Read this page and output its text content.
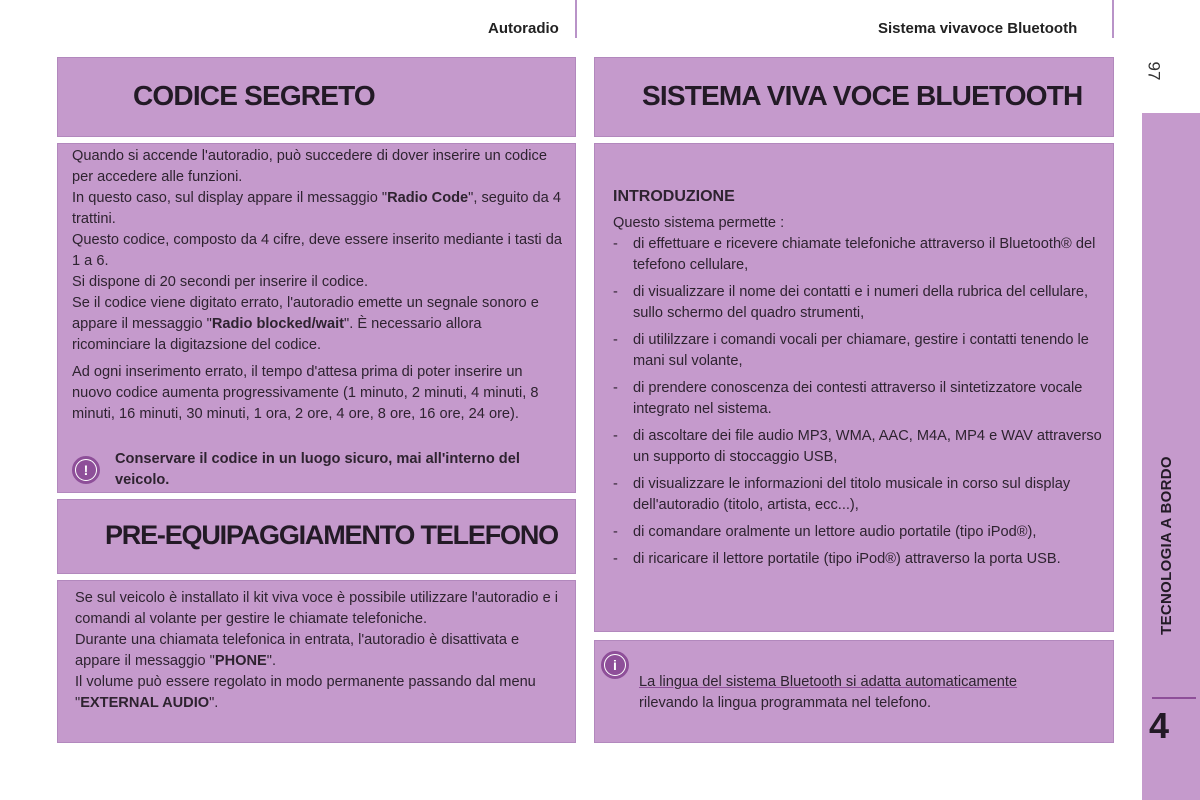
Autoradio	Sistema vivavoce Bluetooth
97
TECNOLOGIA A BORDO
4
CODICE SEGRETO

Quando si accende l'autoradio, può succedere di dover inserire un codice per accedere alle funzioni.

In questo caso, sul display appare il messaggio "Radio Code", seguito da 4 trattini.

Questo codice, composto da 4 cifre, deve essere inserito mediante i tasti da 1 a 6.

Si dispone di 20 secondi per inserire il codice.

Se il codice viene digitato errato, l'autoradio emette un segnale sonoro e appare il messaggio "Radio blocked/wait". È necessario allora ricominciare la digitazsione del codice.

Ad ogni inserimento errato, il tempo d'attesa prima di poter inserire un nuovo codice aumenta progressivamente (1 minuto, 2 minuti, 4 minuti, 8 minuti, 16 minuti, 30 minuti, 1 ora, 2 ore, 4 ore, 8 ore, 16 ore, 24 ore).

!
Conservare il codice in un luogo sicuro, mai all'interno del veicolo.
PRE-EQUIPAGGIAMENTO TELEFONO

Se sul veicolo è installato il kit viva voce è possibile utilizzare l'autoradio e i comandi al volante per gestire le chiamate telefoniche.

Durante una chiamata telefonica in entrata, l'autoradio è disattivata e appare il messaggio "PHONE".

Il volume può essere regolato in modo permanente passando dal menu "EXTERNAL AUDIO".

SISTEMA VIVA VOCE BLUETOOTH

INTRODUZIONE

Questo sistema permette :

- di effettuare e ricevere chiamate telefoniche attraverso il Bluetooth® del tefefono cellulare,
- di visualizzare il nome dei contatti e i numeri della rubrica del cellulare, sullo schermo del quadro strumenti,
- di utililzzare i comandi vocali per chiamare, gestire i contatti tenendo le mani sul volante,
- di prendere conoscenza dei contesti attraverso il sintetizzatore vocale integrato nel sistema.
- di ascoltare dei file audio MP3, WMA, AAC, M4A, MP4 e WAV attraverso un supporto di stoccaggio USB,
- di visualizzare le informazioni del titolo musicale in corso sul display dell'autoradio (titolo, artista, ecc...),
- di comandare oralmente un lettore audio portatile (tipo iPod®),
- di ricaricare il lettore portatile (tipo iPod®) attraverso la porta USB.
i

La lingua del sistema Bluetooth si adatta automaticamente

rilevando la lingua programmata nel telefono.
